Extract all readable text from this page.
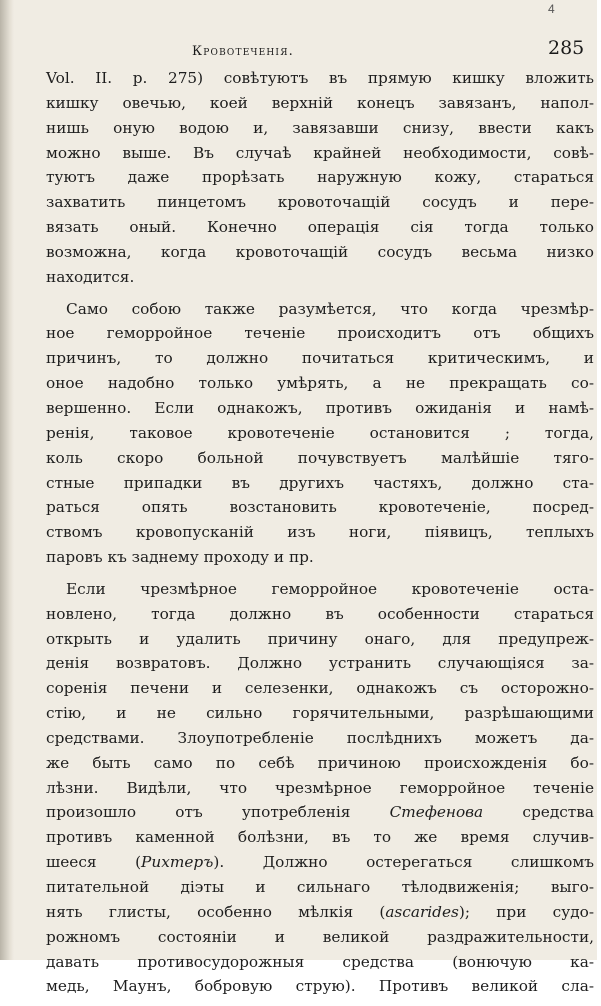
4
Кровотеченія.	285
Vol. II. p. 275) совѣтуютъ въ прямую кишку вложить
кишку овечью, коей верхній конецъ завязанъ, напол-
нишь оную водою и, завязавши снизу, ввести какъ
можно выше. Въ случаѣ крайней необходимости, совѣ-
туютъ даже прорѣзать наружную кожу, стараться
захватить пинцетомъ кровоточащій сосудъ и пере-
вязать оный. Конечно операція сія тогда только
возможна, когда кровоточащій сосудъ весьма низко
находится.
Само собою также разумѣется, что когда чрезмѣр-
ное геморройное теченіе происходитъ отъ общихъ
причинъ, то должно почитаться критическимъ, и
оное надобно только умѣрять, а не прекращать со-
вершенно. Если однакожъ, противъ ожиданія и намѣ-
ренія, таковое кровотеченіе остановится ; тогда,
коль скоро больной почувствуетъ малѣйшіе тяго-
стные припадки въ другихъ частяхъ, должно ста-
раться опять возстановить кровотеченіе, посред-
ствомъ кровопусканій изъ ноги, піявицъ, теплыхъ
паровъ къ заднему проходу и пр.
Если чрезмѣрное геморройное кровотеченіе оста-
новлено, тогда должно въ особенности стараться
открыть и удалить причину онаго, для предупреж-
денія возвратовъ. Должно устранить случающіяся за-
соренія печени и селезенки, однакожъ съ осторожно-
стію, и не сильно горячительными, разрѣшающими
средствами. Злоупотребленіе послѣднихъ можетъ да-
же быть само по себѣ причиною происхожденія бо-
лѣзни. Видѣли, что чрезмѣрное геморройное теченіе
произошло отъ употребленія Стефенова средства
противъ каменной болѣзни, въ то же время случив-
шееся (Рихтеръ). Должно остерегаться слишкомъ
питательной діэты и сильнаго тѣлодвиженія; выго-
нять глисты, особенно мѣлкія (ascarides); при судо-
рожномъ состояніи и великой раздражительности,
давать противосудорожныя средства (вонючую ка-
медь, Маунъ, бобровую струю). Противъ великой сла-
